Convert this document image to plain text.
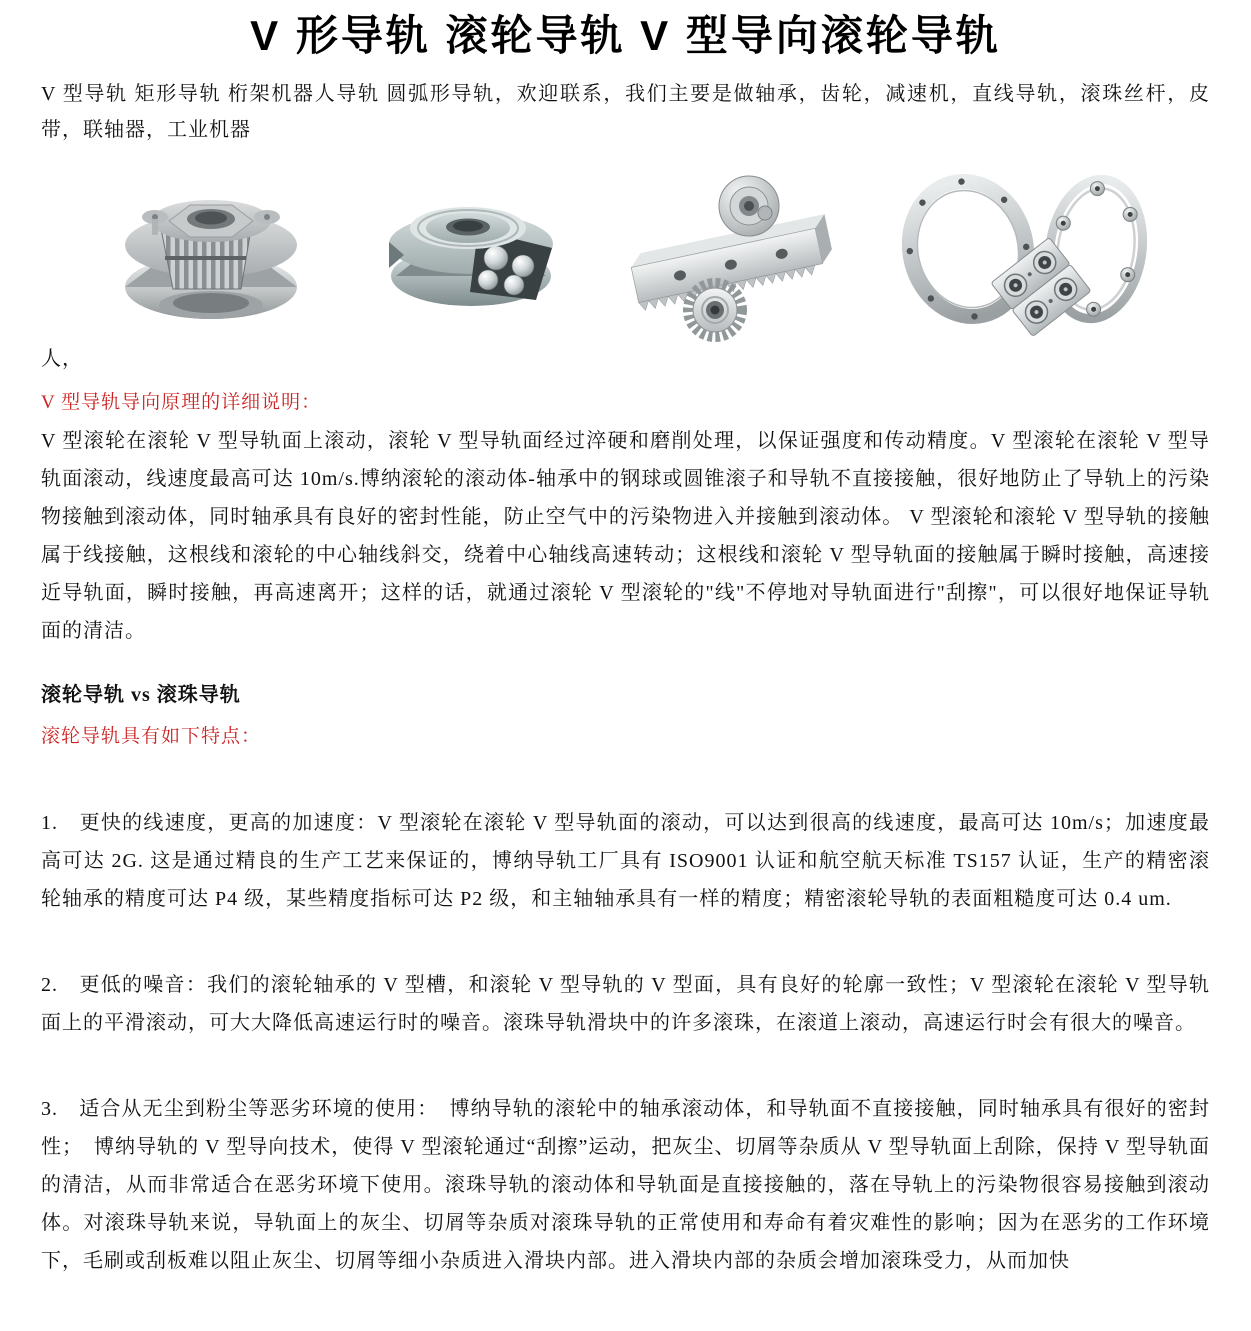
V 形导轨 滚轮导轨 V 型导向滚轮导轨

V 型导轨 矩形导轨 桁架机器人导轨 圆弧形导轨，欢迎联系，我们主要是做轴承，齿轮，减速机，直线导轨，滚珠丝杆，皮带，联轴器，工业机器

人，

V 型导轨导向原理的详细说明：

V 型滚轮在滚轮 V 型导轨面上滚动，滚轮 V 型导轨面经过淬硬和磨削处理，以保证强度和传动精度。V 型滚轮在滚轮 V 型导轨面滚动，线速度最高可达 10m/s.博纳滚轮的滚动体-轴承中的钢球或圆锥滚子和导轨不直接接触，很好地防止了导轨上的污染物接触到滚动体，同时轴承具有良好的密封性能，防止空气中的污染物进入并接触到滚动体。 V 型滚轮和滚轮 V 型导轨的接触属于线接触，这根线和滚轮的中心轴线斜交，绕着中心轴线高速转动；这根线和滚轮 V 型导轨面的接触属于瞬时接触，高速接近导轨面，瞬时接触，再高速离开；这样的话，就通过滚轮 V 型滚轮的"线"不停地对导轨面进行"刮擦"，可以很好地保证导轨面的清洁。

滚轮导轨 vs 滚珠导轨

滚轮导轨具有如下特点：

1.　更快的线速度，更高的加速度：V 型滚轮在滚轮 V 型导轨面的滚动，可以达到很高的线速度，最高可达 10m/s；加速度最高可达 2G. 这是通过精良的生产工艺来保证的，博纳导轨工厂具有 ISO9001 认证和航空航天标准 TS157 认证，生产的精密滚轮轴承的精度可达 P4 级，某些精度指标可达 P2 级，和主轴轴承具有一样的精度；精密滚轮导轨的表面粗糙度可达 0.4 um.

2.　更低的噪音：我们的滚轮轴承的 V 型槽，和滚轮 V 型导轨的 V 型面，具有良好的轮廓一致性；V 型滚轮在滚轮 V 型导轨面上的平滑滚动，可大大降低高速运行时的噪音。滚珠导轨滑块中的许多滚珠，在滚道上滚动，高速运行时会有很大的噪音。

3.　适合从无尘到粉尘等恶劣环境的使用：　博纳导轨的滚轮中的轴承滚动体，和导轨面不直接接触，同时轴承具有很好的密封性；　博纳导轨的 V 型导向技术，使得 V 型滚轮通过“刮擦”运动，把灰尘、切屑等杂质从 V 型导轨面上刮除，保持 V 型导轨面的清洁，从而非常适合在恶劣环境下使用。滚珠导轨的滚动体和导轨面是直接接触的，落在导轨上的污染物很容易接触到滚动体。对滚珠导轨来说，导轨面上的灰尘、切屑等杂质对滚珠导轨的正常使用和寿命有着灾难性的影响；因为在恶劣的工作环境下，毛刷或刮板难以阻止灰尘、切屑等细小杂质进入滑块内部。进入滑块内部的杂质会增加滚珠受力，从而加快
